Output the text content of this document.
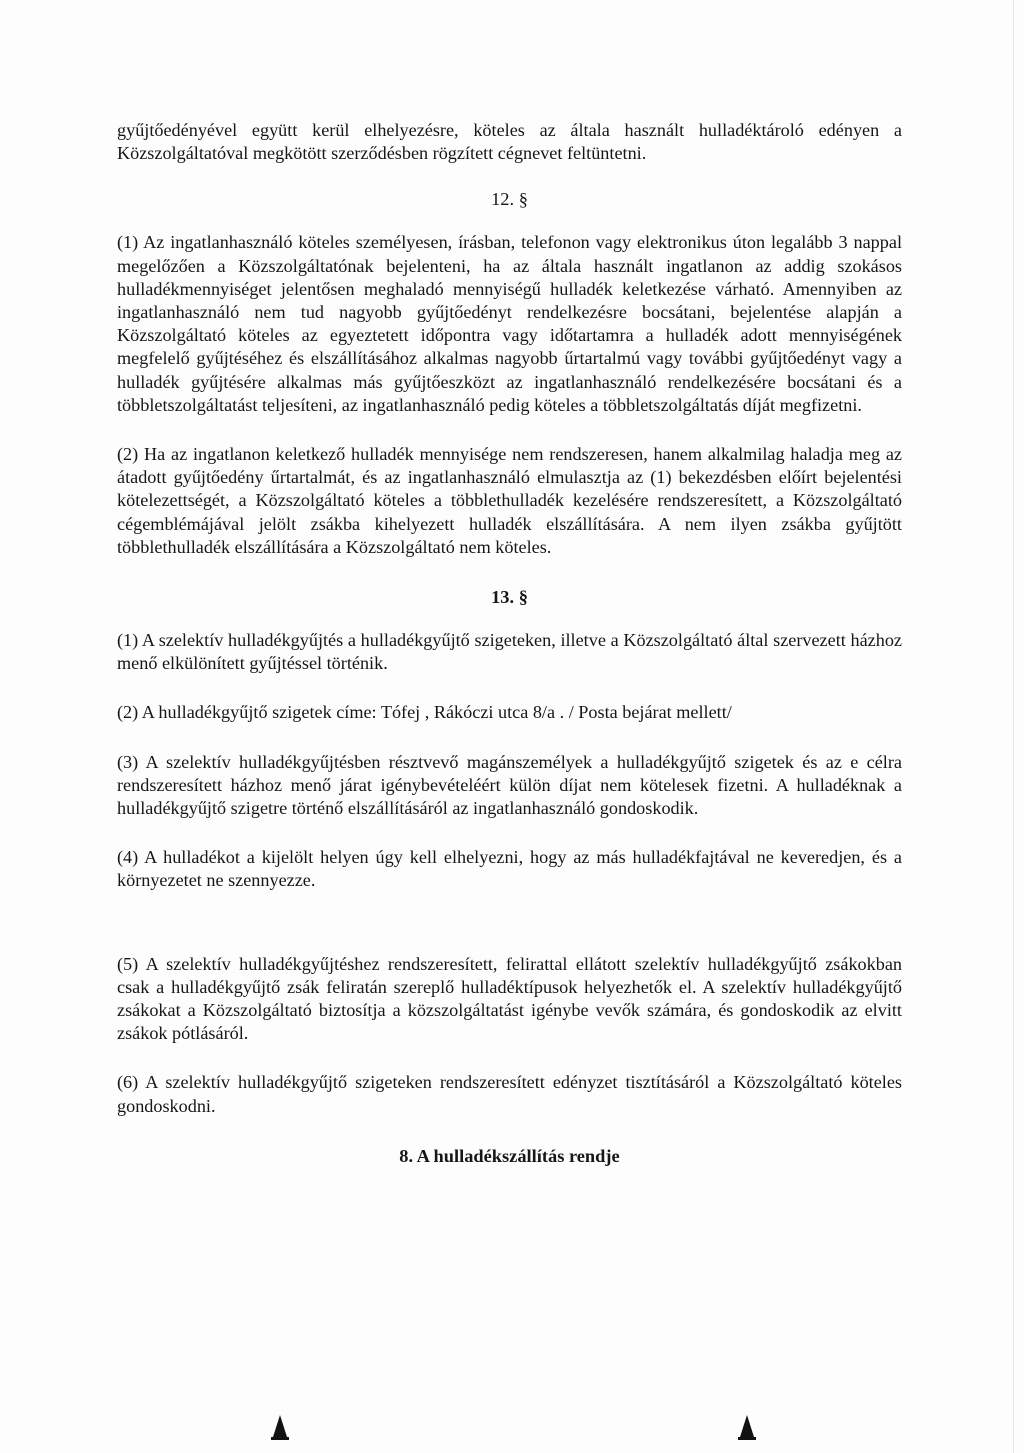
gyűjtőedényével együtt kerül elhelyezésre, köteles az általa használt hulladéktároló edényen a Közszolgáltatóval megkötött szerződésben rögzített cégnevet feltüntetni.

12. §

(1) Az ingatlanhasználó köteles személyesen, írásban, telefonon vagy elektronikus úton legalább 3 nappal megelőzően a Közszolgáltatónak bejelenteni, ha az általa használt ingatlanon az addig szokásos hulladékmennyiséget jelentősen meghaladó mennyiségű hulladék keletkezése várható. Amennyiben az ingatlanhasználó nem tud nagyobb gyűjtőedényt rendelkezésre bocsátani, bejelentése alapján a Közszolgáltató köteles az egyeztetett időpontra vagy időtartamra a hulladék adott mennyiségének megfelelő gyűjtéséhez és elszállításához alkalmas nagyobb űrtartalmú vagy további gyűjtőedényt vagy a hulladék gyűjtésére alkalmas más gyűjtőeszközt az ingatlanhasználó rendelkezésére bocsátani és a többletszolgáltatást teljesíteni, az ingatlanhasználó pedig köteles a többletszolgáltatás díját megfizetni.

(2) Ha az ingatlanon keletkező hulladék mennyisége nem rendszeresen, hanem alkalmilag haladja meg az átadott gyűjtőedény űrtartalmát, és az ingatlanhasználó elmulasztja az (1) bekezdésben előírt bejelentési kötelezettségét, a Közszolgáltató köteles a többlethulladék kezelésére rendszeresített, a Közszolgáltató cégemblémájával jelölt zsákba kihelyezett hulladék elszállítására. A nem ilyen zsákba gyűjtött többlethulladék elszállítására a Közszolgáltató nem köteles.

13. §

(1) A szelektív hulladékgyűjtés a hulladékgyűjtő szigeteken, illetve a Közszolgáltató által szervezett házhoz menő elkülönített gyűjtéssel történik.

(2) A hulladékgyűjtő szigetek címe: Tófej , Rákóczi utca 8/a . / Posta bejárat mellett/

(3) A szelektív hulladékgyűjtésben résztvevő magánszemélyek a hulladékgyűjtő szigetek és az e célra rendszeresített házhoz menő járat igénybevételéért külön díjat nem kötelesek fizetni. A hulladéknak a hulladékgyűjtő szigetre történő elszállításáról az ingatlanhasználó gondoskodik.

(4) A hulladékot a kijelölt helyen úgy kell elhelyezni, hogy az más hulladékfajtával ne keveredjen, és a környezetet ne szennyezze.

(5) A szelektív hulladékgyűjtéshez rendszeresített, felirattal ellátott szelektív hulladékgyűjtő zsákokban csak a hulladékgyűjtő zsák feliratán szereplő hulladéktípusok helyezhetők el. A szelektív hulladékgyűjtő zsákokat a Közszolgáltató biztosítja a közszolgáltatást igénybe vevők számára, és gondoskodik az elvitt zsákok pótlásáról.

(6) A szelektív hulladékgyűjtő szigeteken rendszeresített edényzet tisztításáról a Közszolgáltató köteles gondoskodni.

8. A hulladékszállítás rendje
